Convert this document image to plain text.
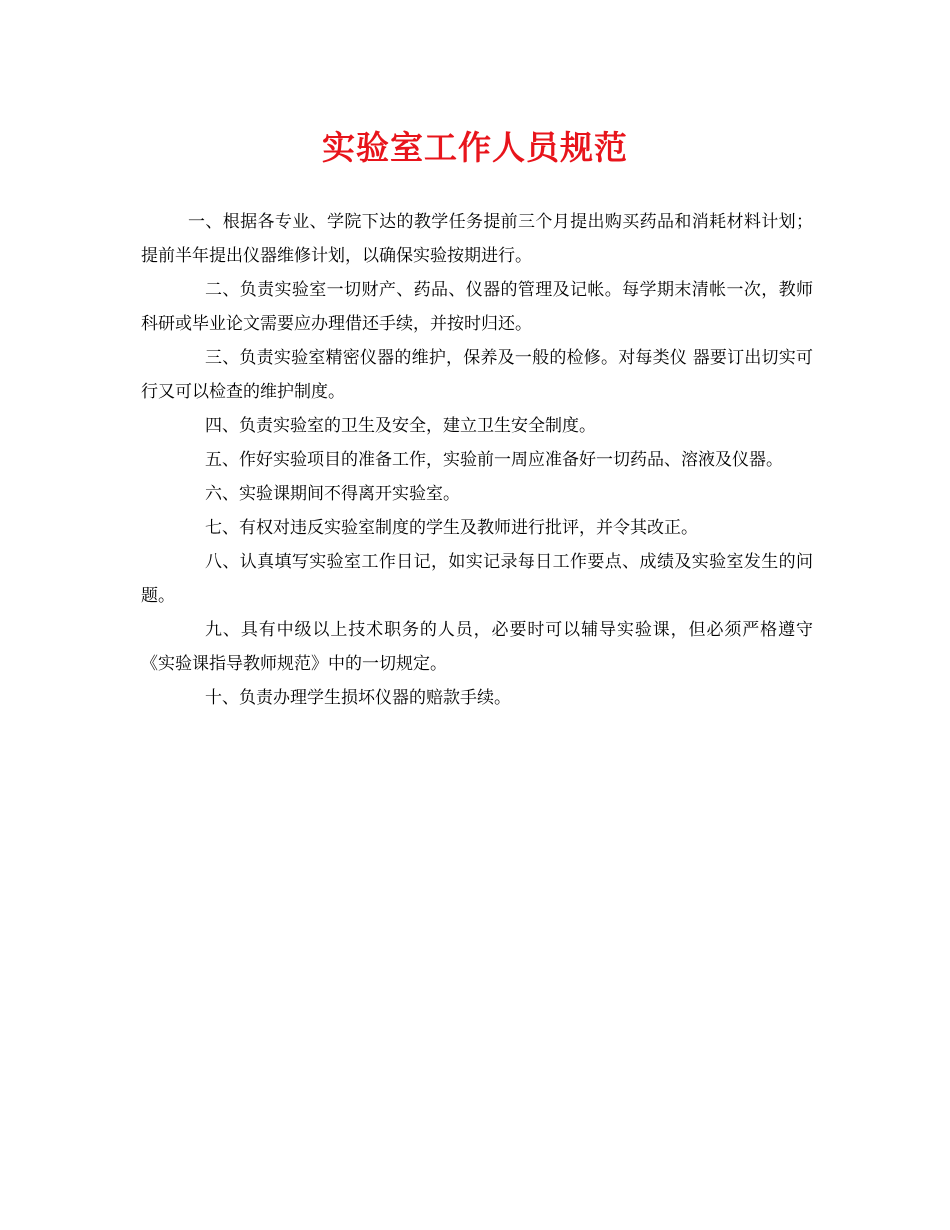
实验室工作人员规范

一、根据各专业、学院下达的教学任务提前三个月提出购买药品和消耗材料计划；提前半年提出仪器维修计划，以确保实验按期进行。

二、负责实验室一切财产、药品、仪器的管理及记帐。每学期末清帐一次，教师科研或毕业论文需要应办理借还手续，并按时归还。

三、负责实验室精密仪器的维护，保养及一般的检修。对每类仪 器要订出切实可行又可以检查的维护制度。

四、负责实验室的卫生及安全，建立卫生安全制度。

五、作好实验项目的准备工作，实验前一周应准备好一切药品、溶液及仪器。

六、实验课期间不得离开实验室。

七、有权对违反实验室制度的学生及教师进行批评，并令其改正。

八、认真填写实验室工作日记，如实记录每日工作要点、成绩及实验室发生的问题。

九、具有中级以上技术职务的人员，必要时可以辅导实验课，但必须严格遵守 《实验课指导教师规范》中的一切规定。

十、负责办理学生损坏仪器的赔款手续。
